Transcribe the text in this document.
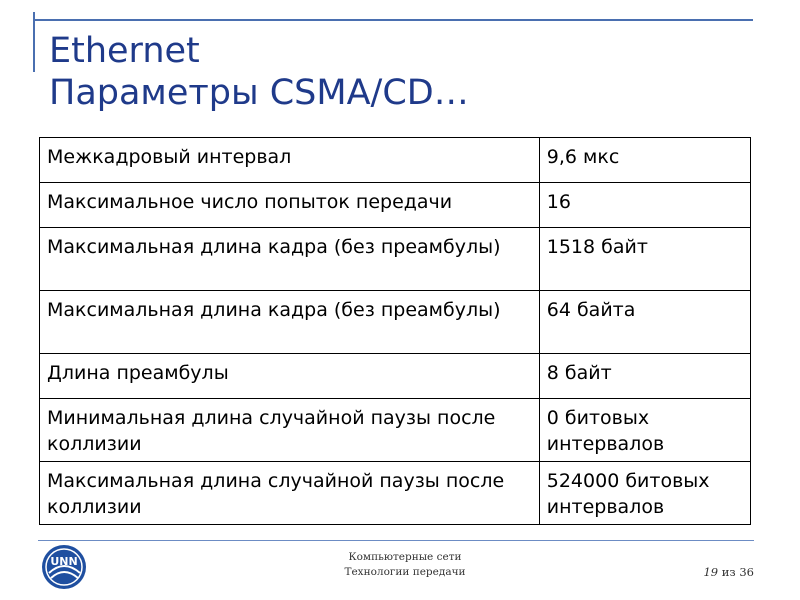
Ethernet
Параметры CSMA/CD…
Межкадровый интервал	9,6 мкс
Максимальное число попыток передачи	16
Максимальная длина кадра (без преамбулы)	1518 байт
Максимальная длина кадра (без преамбулы)	64 байта
Длина преамбулы	8 байт
Минимальная длина случайной паузы после коллизии	0 битовых интервалов
Максимальная длина случайной паузы после коллизии	524000 битовых интервалов
UNN	Компьютерные сети
Технологии передачи	19 из 36
